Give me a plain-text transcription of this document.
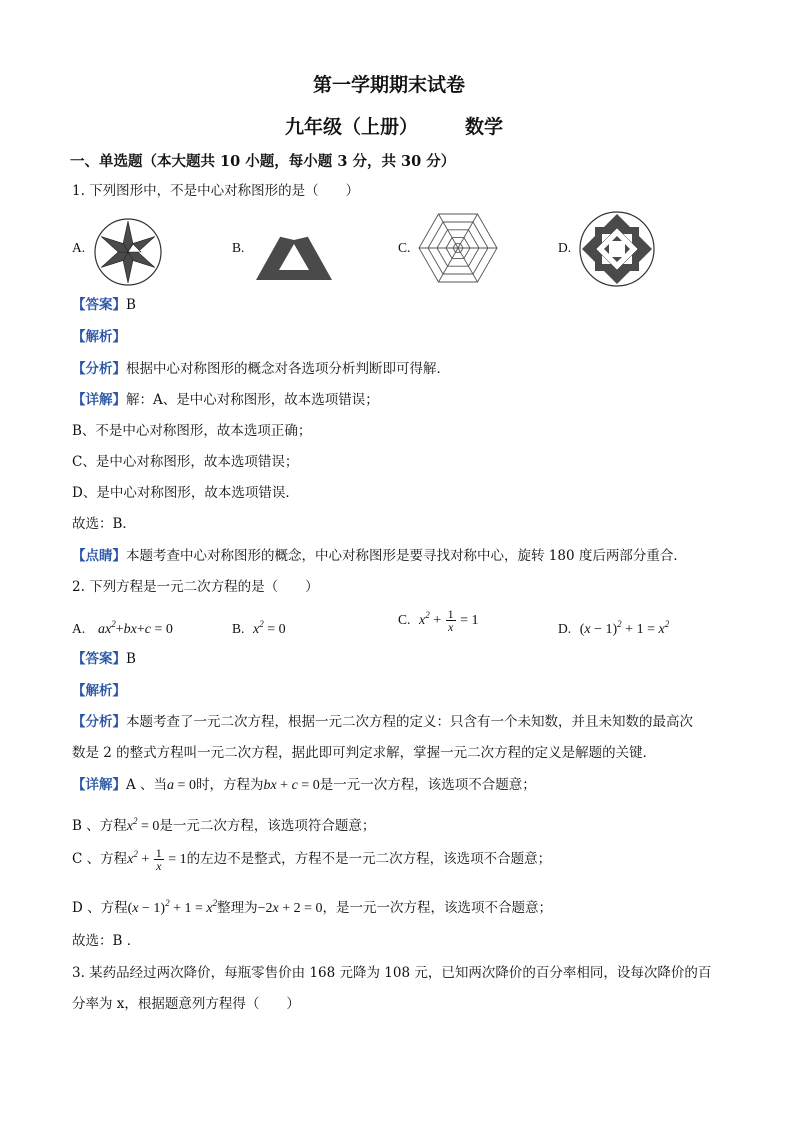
第一学期期末试卷
九年级（上册） 数学
一、单选题（本大题共 10 小题，每小题 3 分，共 30 分）
1. 下列图形中，不是中心对称图形的是（　　）
A.	B.	C.	D.
【答案】B
【解析】
【分析】根据中心对称图形的概念对各选项分析判断即可得解．
【详解】解：A、是中心对称图形，故本选项错误；
B、不是中心对称图形，故本选项正确；
C、是中心对称图形，故本选项错误；
D、是中心对称图形，故本选项错误．
故选：B．
【点睛】本题考查中心对称图形的概念，中心对称图形是要寻找对称中心，旋转 180 度后两部分重合．
2. 下列方程是一元二次方程的是（　　）
A. $ax^2+bx+c = 0$	B. $x^2 = 0$
C. $x^2 + \frac{1}{x} = 1$
D. $(x - 1)^2 + 1 = x^2$
【答案】B
【解析】
【分析】本题考查了一元二次方程，根据一元二次方程的定义：只含有一个未知数，并且未知数的最高次
数是 2 的整式方程叫一元二次方程，据此即可判定求解，掌握一元二次方程的定义是解题的关键．
【详解】A 、当a = 0时，方程为bx + c = 0是一元一次方程，该选项不合题意；
B 、方程$x^2 = 0$是一元二次方程，该选项符合题意；
C 、方程$x^2 + \frac{1}{x} = 1$的左边不是整式，方程不是一元二次方程，该选项不合题意；
D 、方程$(x - 1)^2 + 1 = x^2$整理为−2x + 2 = 0，是一元一次方程，该选项不合题意；
故选：B ．
3. 某药品经过两次降价，每瓶零售价由 168 元降为 108 元，已知两次降价的百分率相同，设每次降价的百
分率为 x，根据题意列方程得（　　）
